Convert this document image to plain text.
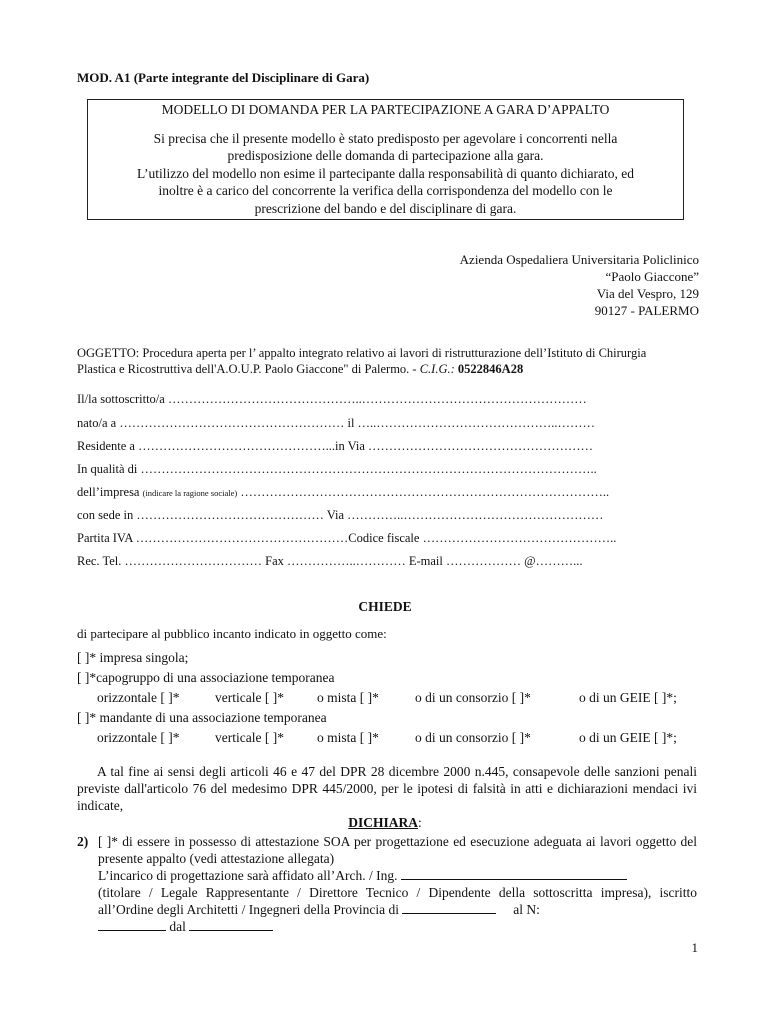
MOD. A1 (Parte integrante del Disciplinare di Gara)
MODELLO DI DOMANDA PER LA PARTECIPAZIONE A GARA D’APPALTO
Si precisa che il presente modello è stato predisposto per agevolare i concorrenti nella
predisposizione delle domanda di partecipazione alla gara.
L’utilizzo del modello non esime il partecipante dalla responsabilità di quanto dichiarato, ed
inoltre è a carico del concorrente la verifica della corrispondenza del modello con le
prescrizione del bando e del disciplinare di gara.
Azienda Ospedaliera Universitaria Policlinico
“Paolo Giaccone”
Via del Vespro, 129
90127 - PALERMO
OGGETTO: Procedura aperta per l’ appalto integrato relativo ai lavori di ristrutturazione dell’Istituto di Chirurgia Plastica e Ricostruttiva dell'A.O.U.P. Paolo Giaccone" di Palermo. - C.I.G.: 0522846A28
Il/la sottoscritto/a ………………………………………..………………………………………………
nato/a a ……………………………………………… il …..……………………………………..………
Residente a ………………………………………...in Via ………………………………………………
In qualità di ………………………………………………………………………………………………..
dell’impresa (indicare la ragione sociale) ……………………………………………………………………………..
con sede in ……………………………………… Via …………..…………………………………………
Partita IVA ……………………………………………Codice fiscale ………………………………………..
Rec. Tel. …………………………… Fax ……………..………… E-mail ……………… @………...
CHIEDE
di partecipare al pubblico incanto indicato in oggetto come:
[ ]* impresa singola;
[ ]*capogruppo di una associazione temporanea
orizzontale [ ]*	verticale [ ]* o mista [ ]*	o di un consorzio [ ]*	o di un GEIE [ ]*;
[ ]* mandante di una associazione temporanea
orizzontale [ ]*	verticale [ ]* o mista [ ]*	o di un consorzio [ ]*	o di un GEIE [ ]*;
A tal fine ai sensi degli articoli 46 e 47 del DPR 28 dicembre 2000 n.445, consapevole delle sanzioni penali previste dall'articolo 76 del medesimo DPR 445/2000, per le ipotesi di falsità in atti e dichiarazioni mendaci ivi indicate,
DICHIARA:
2) [ ]* di essere in possesso di attestazione SOA per progettazione ed esecuzione adeguata ai lavori oggetto del presente appalto (vedi attestazione allegata)
L’incarico di progettazione sarà affidato all’Arch. / Ing.
(titolare / Legale Rappresentante / Direttore Tecnico / Dipendente della sottoscritta impresa), iscritto all’Ordine degli Architetti / Ingegneri della Provincia di	al N:
dal
1
